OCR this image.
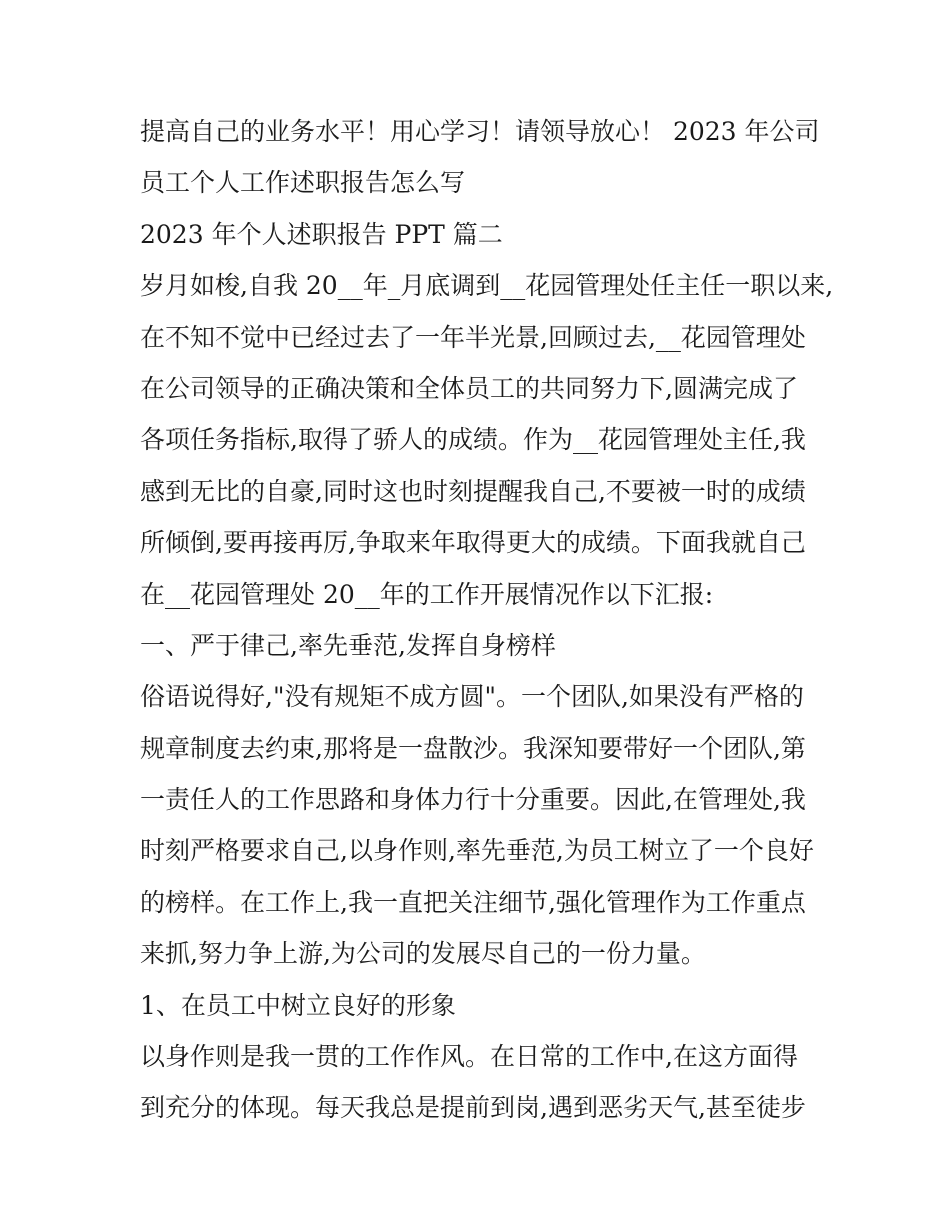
提高自己的业务水平！用心学习！请领导放心！ 2023 年公司
员工个人工作述职报告怎么写
2023 年个人述职报告 PPT 篇二
岁月如梭,自我 20__年_月底调到__花园管理处任主任一职以来,
在不知不觉中已经过去了一年半光景,回顾过去,__花园管理处
在公司领导的正确决策和全体员工的共同努力下,圆满完成了
各项任务指标,取得了骄人的成绩。作为__花园管理处主任,我
感到无比的自豪,同时这也时刻提醒我自己,不要被一时的成绩
所倾倒,要再接再厉,争取来年取得更大的成绩。下面我就自己
在__花园管理处 20__年的工作开展情况作以下汇报:
一、严于律己,率先垂范,发挥自身榜样
俗语说得好,"没有规矩不成方圆"。一个团队,如果没有严格的
规章制度去约束,那将是一盘散沙。我深知要带好一个团队,第
一责任人的工作思路和身体力行十分重要。因此,在管理处,我
时刻严格要求自己,以身作则,率先垂范,为员工树立了一个良好
的榜样。在工作上,我一直把关注细节,强化管理作为工作重点
来抓,努力争上游,为公司的发展尽自己的一份力量。
1、在员工中树立良好的形象
以身作则是我一贯的工作作风。在日常的工作中,在这方面得
到充分的体现。每天我总是提前到岗,遇到恶劣天气,甚至徒步
